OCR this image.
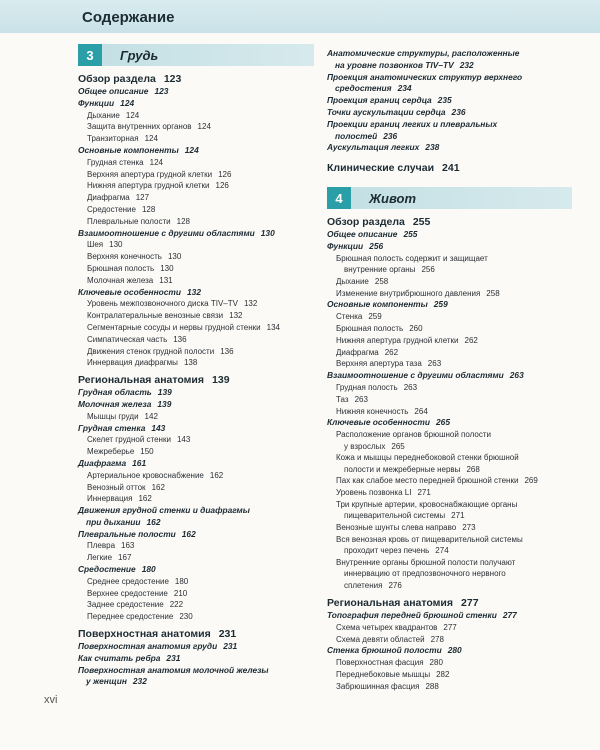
Содержание
3	Грудь
Обзор раздела 123
Общее описание 123
Функции 124
Дыхание 124
Защита внутренних органов 124
Транзиторная 124
Основные компоненты 124
Грудная стенка 124
Верхняя апертура грудной клетки 126
Нижняя апертура грудной клетки 126
Диафрагма 127
Средостение 128
Плевральные полости 128
Взаимоотношение с другими областями 130
Шея 130
Верхняя конечность 130
Брюшная полость 130
Молочная железа 131
Ключевые особенности 132
Уровень межпозвоночного диска TIV–TV 132
Контралатеральные венозные связи 132
Сегментарные сосуды и нервы грудной стенки 134
Симпатическая часть 136
Движения стенок грудной полости 136
Иннервация диафрагмы 138
Региональная анатомия 139
Грудная область 139
Молочная железа 139
Мышцы груди 142
Грудная стенка 143
Скелет грудной стенки 143
Межреберье 150
Диафрагма 161
Артериальное кровоснабжение 162
Венозный отток 162
Иннервация 162
Движения грудной стенки и диафрагмы
при дыхании 162
Плевральные полости 162
Плевра 163
Легкие 167
Средостение 180
Среднее средостение 180
Верхнее средостение 210
Заднее средостение 222
Переднее средостение 230
Поверхностная анатомия 231
Поверхностная анатомия груди 231
Как считать ребра 231
Поверхностная анатомия молочной железы
у женщин 232
Анатомические структуры, расположенные
на уровне позвонков TIV–TV 232
Проекция анатомических структур верхнего
средостения 234
Проекция границ сердца 235
Точки аускультации сердца 236
Проекции границ легких и плевральных
полостей 236
Аускультация легких 238
Клинические случаи 241
4	Живот
Обзор раздела 255
Общее описание 255
Функции 256
Брюшная полость содержит и защищает
внутренние органы 256
Дыхание 258
Изменение внутрибрюшного давления 258
Основные компоненты 259
Стенка 259
Брюшная полость 260
Нижняя апертура грудной клетки 262
Диафрагма 262
Верхняя апертура таза 263
Взаимоотношение с другими областями 263
Грудная полость 263
Таз 263
Нижняя конечность 264
Ключевые особенности 265
Расположение органов брюшной полости
у взрослых 265
Кожа и мышцы переднебоковой стенки брюшной
полости и межреберные нервы 268
Пах как слабое место передней брюшной стенки 269
Уровень позвонка LI 271
Три крупные артерии, кровоснабжающие органы
пищеварительной системы 271
Венозные шунты слева направо 273
Вся венозная кровь от пищеварительной системы
проходит через печень 274
Внутренние органы брюшной полости получают
иннервацию от предпозвоночного нервного
сплетения 276
Региональная анатомия 277
Топография передней брюшной стенки 277
Схема четырех квадрантов 277
Схема девяти областей 278
Стенка брюшной полости 280
Поверхностная фасция 280
Переднебоковые мышцы 282
Забрюшинная фасция 288
xvi
